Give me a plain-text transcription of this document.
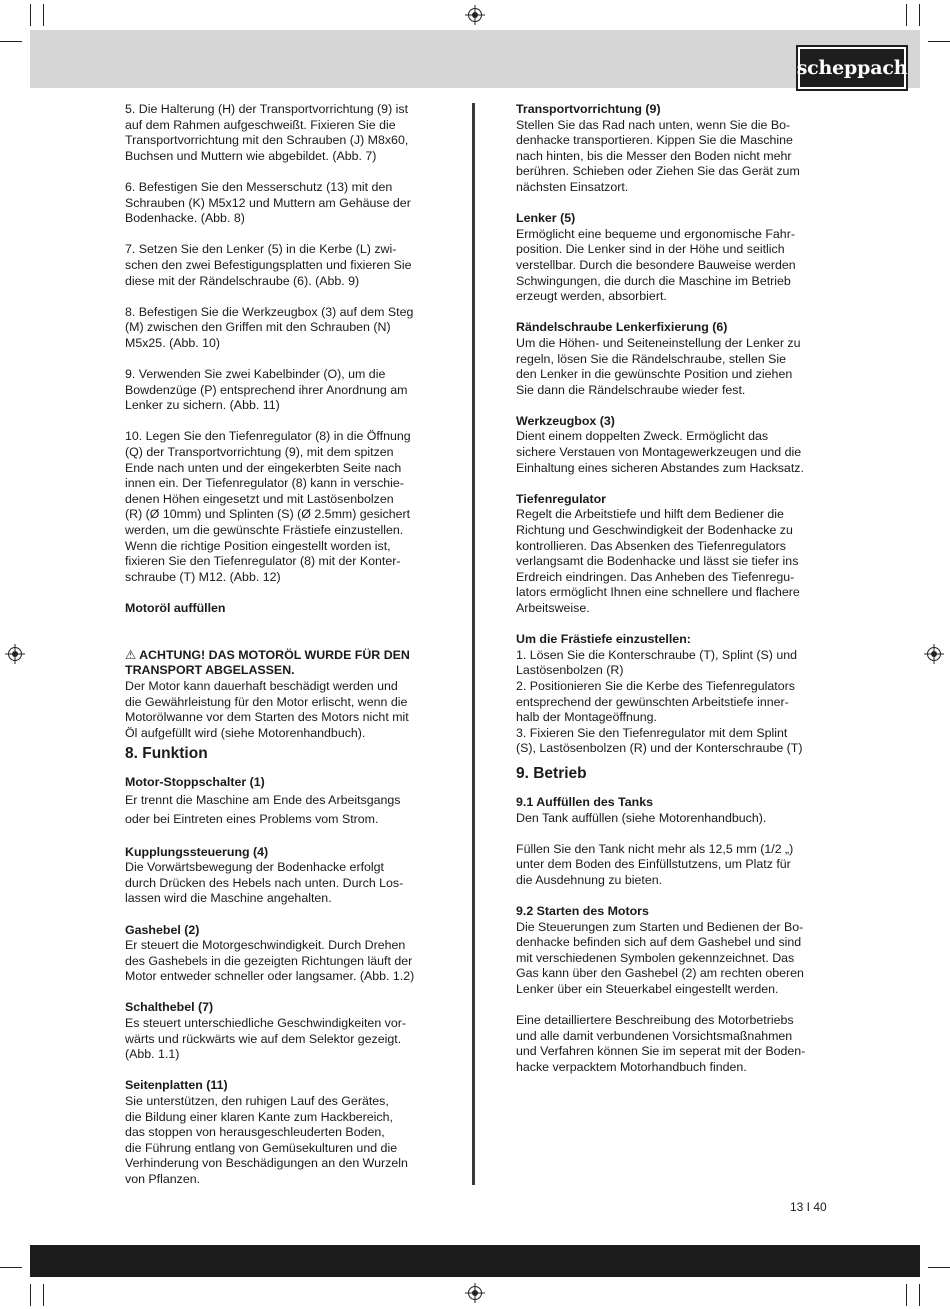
scheppach

5. Die Halterung (H) der Transportvorrichtung (9) ist
auf dem Rahmen aufgeschweißt. Fixieren Sie die
Transportvorrichtung mit den Schrauben (J) M8x60,
Buchsen und Muttern wie abgebildet. (Abb. 7)

6. Befestigen Sie den Messerschutz (13) mit den
Schrauben (K) M5x12 und Muttern am Gehäuse der
Bodenhacke. (Abb. 8)

7. Setzen Sie den Lenker (5) in die Kerbe (L) zwi-
schen den zwei Befestigungsplatten und fixieren Sie
diese mit der Rändelschraube (6). (Abb. 9)

8. Befestigen Sie die Werkzeugbox (3) auf dem Steg
(M) zwischen den Griffen mit den Schrauben (N)
M5x25. (Abb. 10)

9. Verwenden Sie zwei Kabelbinder (O), um die
Bowdenzüge (P) entsprechend ihrer Anordnung am
Lenker zu sichern. (Abb. 11)

10. Legen Sie den Tiefenregulator (8) in die Öffnung
(Q) der Transportvorrichtung (9), mit dem spitzen
Ende nach unten und der eingekerbten Seite nach
innen ein. Der Tiefenregulator (8) kann in verschie-
denen Höhen eingesetzt und mit Lastösenbolzen
(R) (Ø 10mm) und Splinten (S) (Ø 2.5mm) gesichert
werden, um die gewünschte Frästiefe einzustellen.
Wenn die richtige Position eingestellt worden ist,
fixieren Sie den Tiefenregulator (8) mit der Konter-
schraube (T) M12. (Abb. 12)

Motoröl auffüllen

⚠ ACHTUNG! DAS MOTORÖL WURDE FÜR DEN
TRANSPORT ABGELASSEN.

Der Motor kann dauerhaft beschädigt werden und
die Gewährleistung für den Motor erlischt, wenn die
Motorölwanne vor dem Starten des Motors nicht mit
Öl aufgefüllt wird (siehe Motorenhandbuch).

8. Funktion

Motor-Stoppschalter (1)

Er trennt die Maschine am Ende des Arbeitsgangs
oder bei Eintreten eines Problems vom Strom.

Kupplungssteuerung (4)

Die Vorwärtsbewegung der Bodenhacke erfolgt
durch Drücken des Hebels nach unten. Durch Los-
lassen wird die Maschine angehalten.

Gashebel (2)

Er steuert die Motorgeschwindigkeit. Durch Drehen
des Gashebels in die gezeigten Richtungen läuft der
Motor entweder schneller oder langsamer. (Abb. 1.2)

Schalthebel (7)

Es steuert unterschiedliche Geschwindigkeiten vor-
wärts und rückwärts wie auf dem Selektor gezeigt.
(Abb. 1.1)

Seitenplatten (11)

Sie unterstützen, den ruhigen Lauf des Gerätes,
die Bildung einer klaren Kante zum Hackbereich,
das stoppen von herausgeschleuderten Boden,
die Führung entlang von Gemüsekulturen und die
Verhinderung von Beschädigungen an den Wurzeln
von Pflanzen.

Transportvorrichtung (9)

Stellen Sie das Rad nach unten, wenn Sie die Bo-
denhacke transportieren. Kippen Sie die Maschine
nach hinten, bis die Messer den Boden nicht mehr
berühren. Schieben oder Ziehen Sie das Gerät zum
nächsten Einsatzort.

Lenker (5)

Ermöglicht eine bequeme und ergonomische Fahr-
position. Die Lenker sind in der Höhe und seitlich
verstellbar. Durch die besondere Bauweise werden
Schwingungen, die durch die Maschine im Betrieb
erzeugt werden, absorbiert.

Rändelschraube Lenkerfixierung (6)

Um die Höhen- und Seiteneinstellung der Lenker zu
regeln, lösen Sie die Rändelschraube, stellen Sie
den Lenker in die gewünschte Position und ziehen
Sie dann die Rändelschraube wieder fest.

Werkzeugbox (3)

Dient einem doppelten Zweck. Ermöglicht das
sichere Verstauen von Montagewerkzeugen und die
Einhaltung eines sicheren Abstandes zum Hacksatz.

Tiefenregulator

Regelt die Arbeitstiefe und hilft dem Bediener die
Richtung und Geschwindigkeit der Bodenhacke zu
kontrollieren. Das Absenken des Tiefenregulators
verlangsamt die Bodenhacke und lässt sie tiefer ins
Erdreich eindringen. Das Anheben des Tiefenregu-
lators ermöglicht Ihnen eine schnellere und flachere
Arbeitsweise.

Um die Frästiefe einzustellen:

1. Lösen Sie die Konterschraube (T), Splint (S) und
Lastösenbolzen (R)
2. Positionieren Sie die Kerbe des Tiefenregulators
entsprechend der gewünschten Arbeitstiefe inner-
halb der Montageöffnung.
3. Fixieren Sie den Tiefenregulator mit dem Splint
(S), Lastösenbolzen (R) und der Konterschraube (T)

9. Betrieb

9.1 Auffüllen des Tanks

Den Tank auffüllen (siehe Motorenhandbuch).

Füllen Sie den Tank nicht mehr als 12,5 mm (1/2 „)
unter dem Boden des Einfüllstutzens, um Platz für
die Ausdehnung zu bieten.

9.2 Starten des Motors

Die Steuerungen zum Starten und Bedienen der Bo-
denhacke befinden sich auf dem Gashebel und sind
mit verschiedenen Symbolen gekennzeichnet. Das
Gas kann über den Gashebel (2) am rechten oberen
Lenker über ein Steuerkabel eingestellt werden.

Eine detailliertere Beschreibung des Motorbetriebs
und alle damit verbundenen Vorsichtsmaßnahmen
und Verfahren können Sie im seperat mit der Boden-
hacke verpacktem Motorhandbuch finden.

13 I 40
